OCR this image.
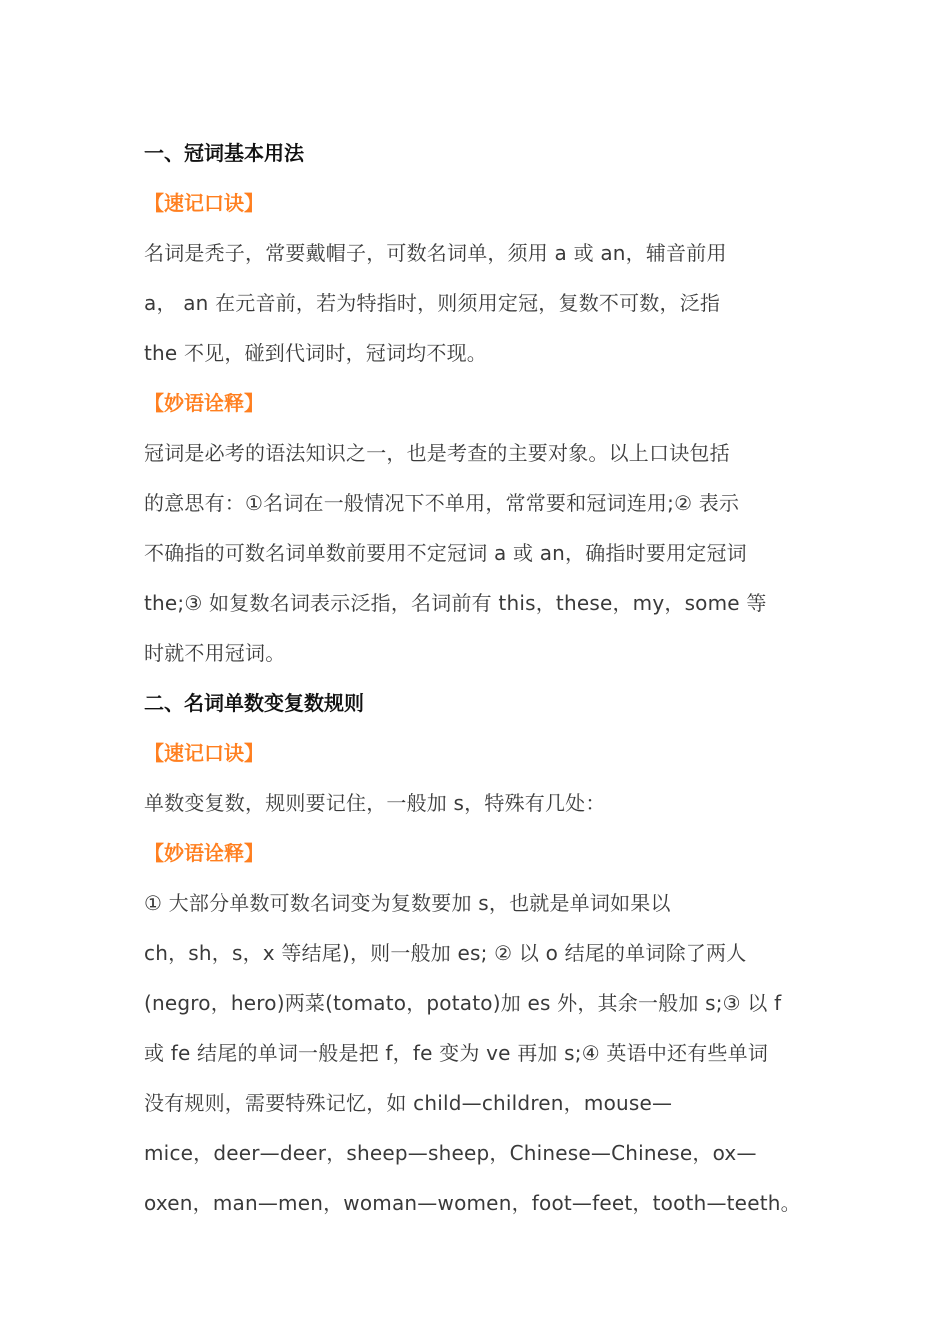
一、冠词基本用法
【速记口诀】
名词是秃子，常要戴帽子，可数名词单，须用 a 或 an，辅音前用
a， an 在元音前，若为特指时，则须用定冠，复数不可数，泛指
the 不见，碰到代词时，冠词均不现。
【妙语诠释】
冠词是必考的语法知识之一，也是考查的主要对象。以上口诀包括
的意思有：①名词在一般情况下不单用，常常要和冠词连用;② 表示
不确指的可数名词单数前要用不定冠词 a 或 an，确指时要用定冠词
the;③ 如复数名词表示泛指，名词前有 this，these，my，some 等
时就不用冠词。
二、名词单数变复数规则
【速记口诀】
单数变复数，规则要记住，一般加 s，特殊有几处：
【妙语诠释】
① 大部分单数可数名词变为复数要加 s，也就是单词如果以
ch，sh，s，x 等结尾)，则一般加 es; ② 以 o 结尾的单词除了两人
(negro，hero)两菜(tomato，potato)加 es 外，其余一般加 s;③ 以 f
或 fe 结尾的单词一般是把 f，fe 变为 ve 再加 s;④ 英语中还有些单词
没有规则，需要特殊记忆，如 child—children，mouse—
mice，deer—deer，sheep—sheep，Chinese—Chinese，ox—
oxen，man—men，woman—women，foot—feet，tooth—teeth。
